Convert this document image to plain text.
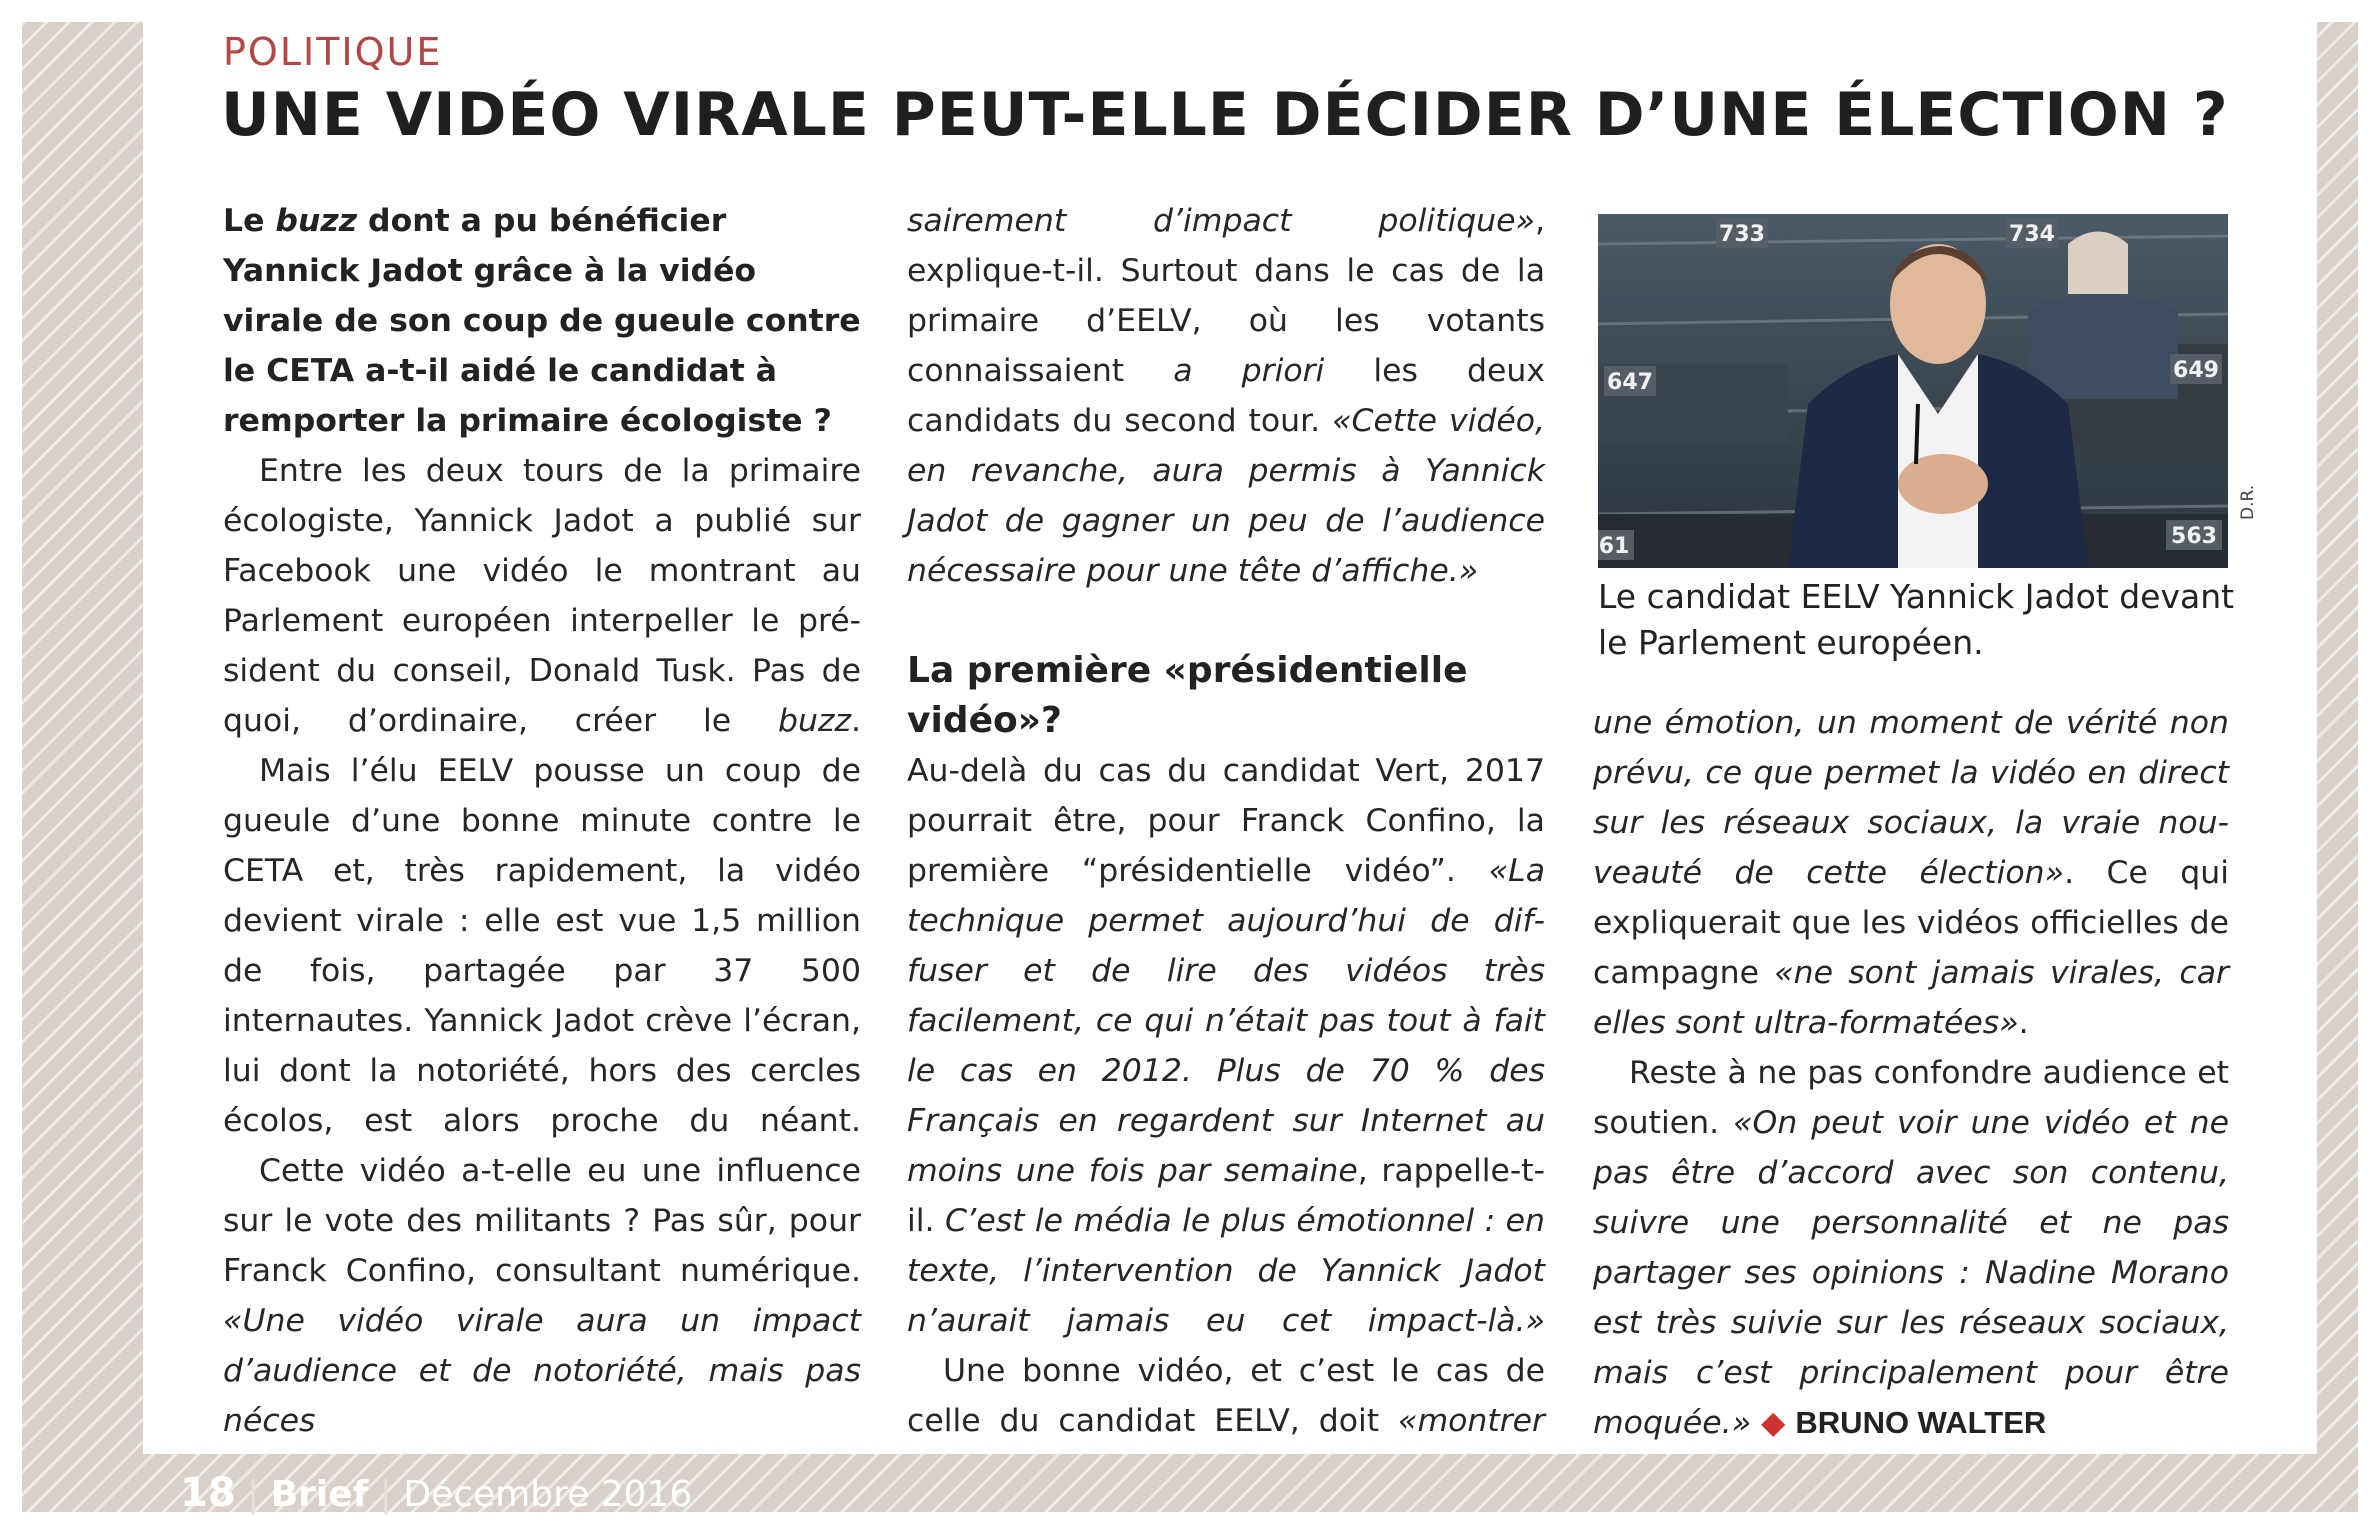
POLITIQUE
UNE VIDÉO VIRALE PEUT-ELLE DÉCIDER D’UNE ÉLECTION ?

Le buzz dont a pu bénéficier Yannick Jadot grâce à la vidéo virale de son coup de gueule contre le CETA a-t-il aidé le candidat à remporter la primaire écologiste ?

Entre les deux tours de la primaire écologiste, Yannick Jadot a publié sur Facebook une vidéo le montrant au Parlement européen interpeller le président du conseil, Donald Tusk. Pas de quoi, d’ordinaire, créer le buzz.

Mais l’élu EELV pousse un coup de gueule d’une bonne minute contre le CETA et, très rapidement, la vidéo devient virale : elle est vue 1,5 million de fois, partagée par 37 500 internautes. Yannick Jadot crève l’écran, lui dont la notoriété, hors des cercles écolos, est alors proche du néant.

Cette vidéo a-t-elle eu une influence sur le vote des militants ? Pas sûr, pour Franck Confino, consultant numérique. «Une vidéo virale aura un impact d’audience et de notoriété, mais pas néces

sairement d’impact politique», explique-t-il. Surtout dans le cas de la primaire d’EELV, où les votants connaissaient a priori les deux candidats du second tour. «Cette vidéo, en revanche, aura permis à Yannick Jadot de gagner un peu de l’audience nécessaire pour une tête d’affiche.»

La première «présidentielle vidéo»?

Au-delà du cas du candidat Vert, 2017 pourrait être, pour Franck Confino, la première “présidentielle vidéo”. «La technique permet aujourd’hui de diffuser et de lire des vidéos très facilement, ce qui n’était pas tout à fait le cas en 2012. Plus de 70 % des Français en regardent sur Internet au moins une fois par semaine, rappelle-t-il. C’est le média le plus émotionnel : en texte, l’intervention de Yannick Jadot n’aurait jamais eu cet impact-là.»

Une bonne vidéo, et c’est le cas de celle du candidat EELV, doit «montrer

733	734
647	649
61	563
D.R.
Le candidat EELV Yannick Jadot devant le Parlement européen.

une émotion, un moment de vérité non prévu, ce que permet la vidéo en direct sur les réseaux sociaux, la vraie nouveauté de cette élection». Ce qui expliquerait que les vidéos officielles de campagne «ne sont jamais virales, car elles sont ultra-formatées».

Reste à ne pas confondre audience et soutien. «On peut voir une vidéo et ne pas être d’accord avec son contenu, suivre une personnalité et ne pas partager ses opinions : Nadine Morano est très suivie sur les réseaux sociaux, mais c’est principalement pour être moquée.» ◆ BRUNO WALTER

18 | Brief | Décembre 2016
